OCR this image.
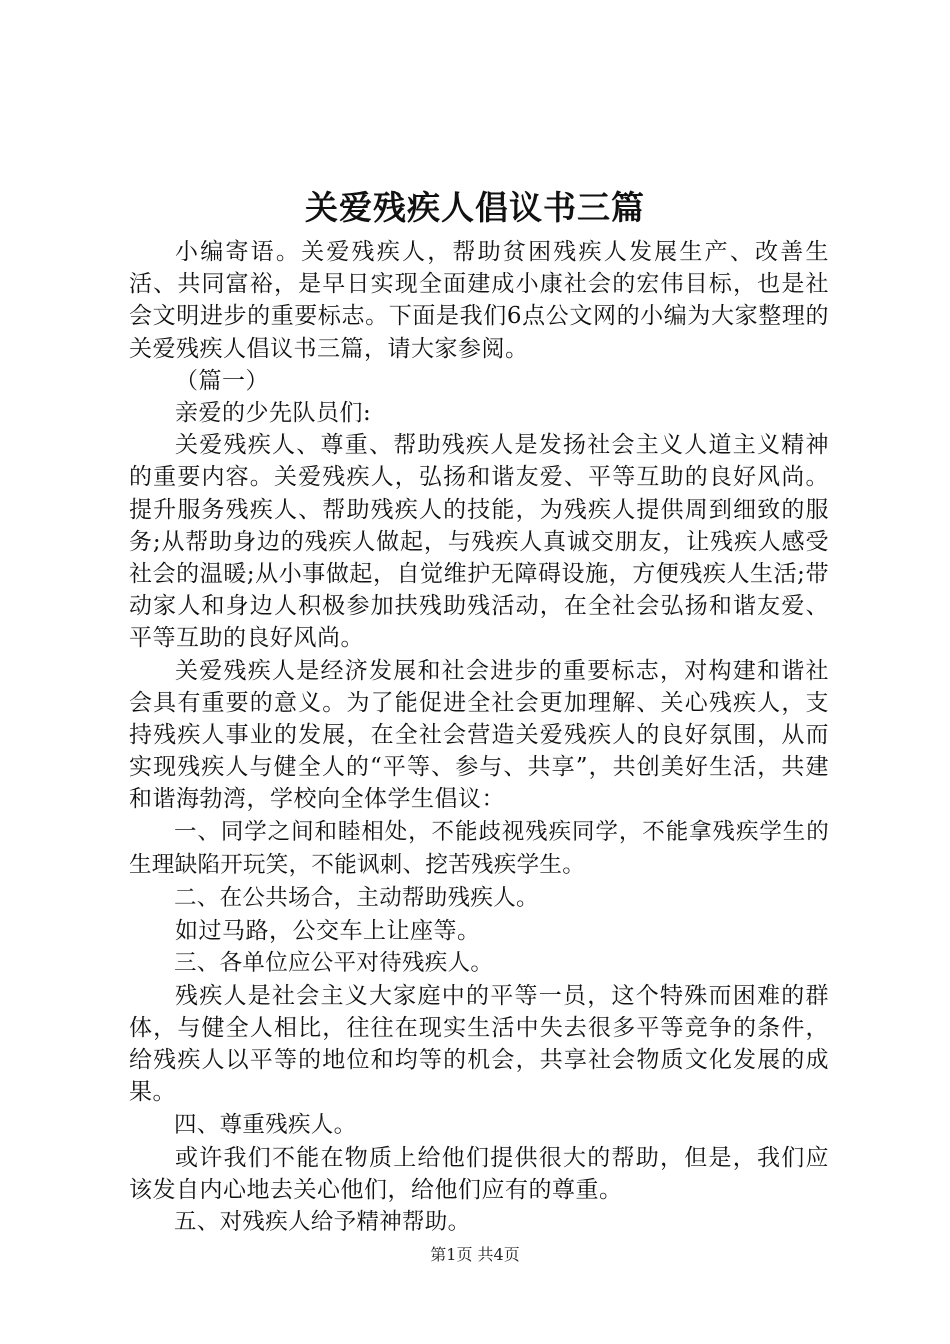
关爱残疾人倡议书三篇

小编寄语。关爱残疾人，帮助贫困残疾人发展生产、改善生活、共同富裕，是早日实现全面建成小康社会的宏伟目标，也是社会文明进步的重要标志。下面是我们6点公文网的小编为大家整理的关爱残疾人倡议书三篇，请大家参阅。

（篇一）

亲爱的少先队员们:

关爱残疾人、尊重、帮助残疾人是发扬社会主义人道主义精神的重要内容。关爱残疾人，弘扬和谐友爱、平等互助的良好风尚。提升服务残疾人、帮助残疾人的技能，为残疾人提供周到细致的服务;从帮助身边的残疾人做起，与残疾人真诚交朋友，让残疾人感受社会的温暖;从小事做起，自觉维护无障碍设施，方便残疾人生活;带动家人和身边人积极参加扶残助残活动，在全社会弘扬和谐友爱、平等互助的良好风尚。

关爱残疾人是经济发展和社会进步的重要标志，对构建和谐社会具有重要的意义。为了能促进全社会更加理解、关心残疾人，支持残疾人事业的发展，在全社会营造关爱残疾人的良好氛围，从而实现残疾人与健全人的“平等、参与、共享”，共创美好生活，共建和谐海勃湾，学校向全体学生倡议：

一、同学之间和睦相处，不能歧视残疾同学，不能拿残疾学生的生理缺陷开玩笑，不能讽刺、挖苦残疾学生。

二、在公共场合，主动帮助残疾人。

如过马路，公交车上让座等。

三、各单位应公平对待残疾人。

残疾人是社会主义大家庭中的平等一员，这个特殊而困难的群体，与健全人相比，往往在现实生活中失去很多平等竞争的条件，给残疾人以平等的地位和均等的机会，共享社会物质文化发展的成果。

四、尊重残疾人。

或许我们不能在物质上给他们提供很大的帮助，但是，我们应该发自内心地去关心他们，给他们应有的尊重。

五、对残疾人给予精神帮助。

第1页 共4页
